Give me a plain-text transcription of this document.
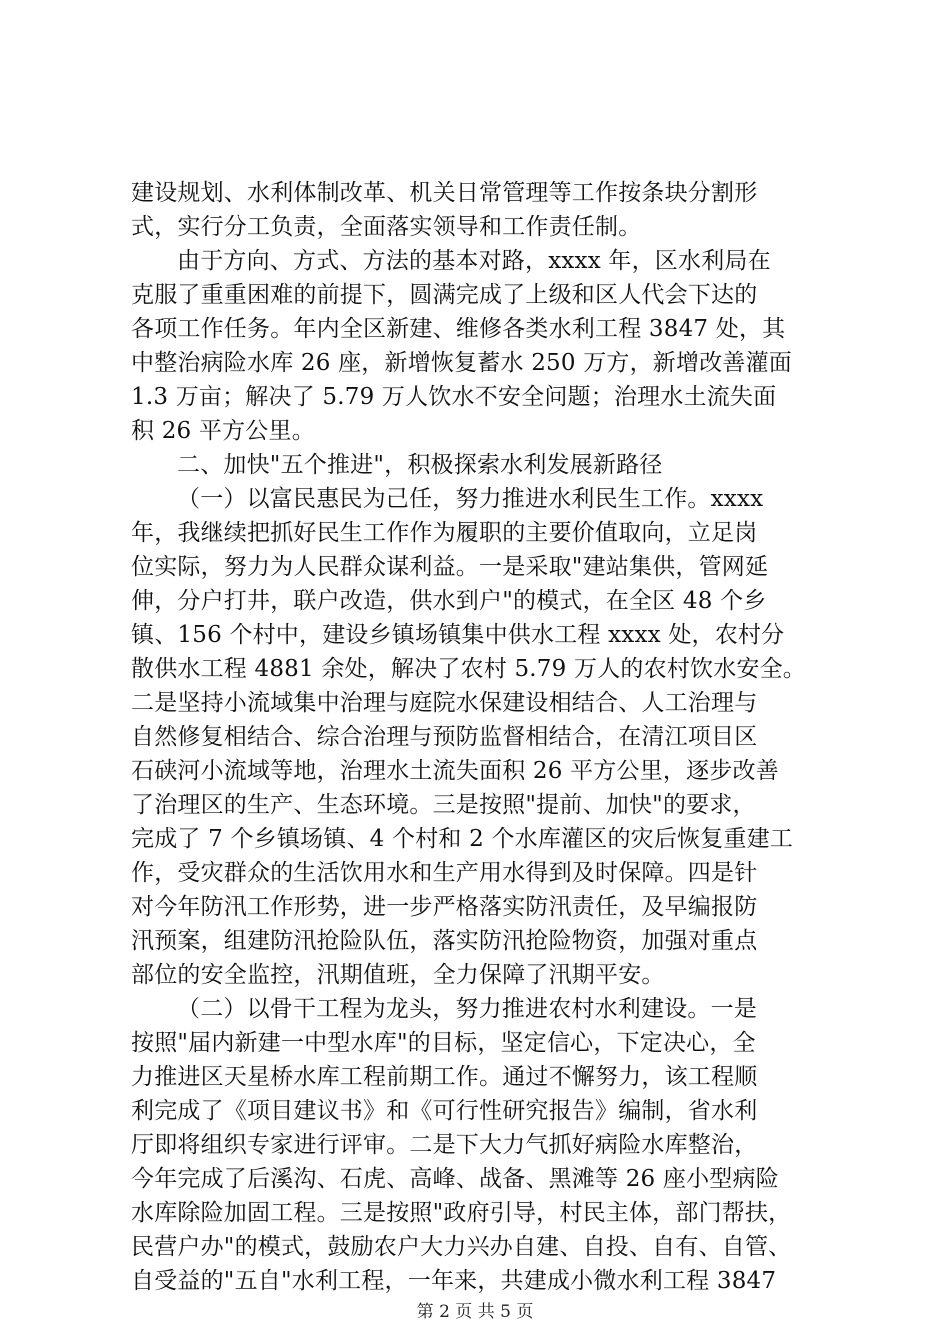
建设规划、水利体制改革、机关日常管理等工作按条块分割形
式，实行分工负责，全面落实领导和工作责任制。
由于方向、方式、方法的基本对路，xxxx 年，区水利局在
克服了重重困难的前提下，圆满完成了上级和区人代会下达的
各项工作任务。年内全区新建、维修各类水利工程 3847 处，其
中整治病险水库 26 座，新增恢复蓄水 250 万方，新增改善灌面
1.3 万亩；解决了 5.79 万人饮水不安全问题；治理水土流失面
积 26 平方公里。
二、加快"五个推进"，积极探索水利发展新路径
（一）以富民惠民为己任，努力推进水利民生工作。xxxx
年，我继续把抓好民生工作作为履职的主要价值取向，立足岗
位实际，努力为人民群众谋利益。一是采取"建站集供，管网延
伸，分户打井，联户改造，供水到户"的模式，在全区 48 个乡
镇、156 个村中，建设乡镇场镇集中供水工程 xxxx 处，农村分
散供水工程 4881 余处，解决了农村 5.79 万人的农村饮水安全。
二是坚持小流域集中治理与庭院水保建设相结合、人工治理与
自然修复相结合、综合治理与预防监督相结合，在清江项目区
石硖河小流域等地，治理水土流失面积 26 平方公里，逐步改善
了治理区的生产、生态环境。三是按照"提前、加快"的要求，
完成了 7 个乡镇场镇、4 个村和 2 个水库灌区的灾后恢复重建工
作，受灾群众的生活饮用水和生产用水得到及时保障。四是针
对今年防汛工作形势，进一步严格落实防汛责任，及早编报防
汛预案，组建防汛抢险队伍，落实防汛抢险物资，加强对重点
部位的安全监控，汛期值班，全力保障了汛期平安。
（二）以骨干工程为龙头，努力推进农村水利建设。一是
按照"届内新建一中型水库"的目标，坚定信心，下定决心，全
力推进区天星桥水库工程前期工作。通过不懈努力，该工程顺
利完成了《项目建议书》和《可行性研究报告》编制，省水利
厅即将组织专家进行评审。二是下大力气抓好病险水库整治，
今年完成了后溪沟、石虎、高峰、战备、黑滩等 26 座小型病险
水库除险加固工程。三是按照"政府引导，村民主体，部门帮扶，
民营户办"的模式，鼓励农户大力兴办自建、自投、自有、自管、
自受益的"五自"水利工程，一年来，共建成小微水利工程 3847
第 2 页 共 5 页
